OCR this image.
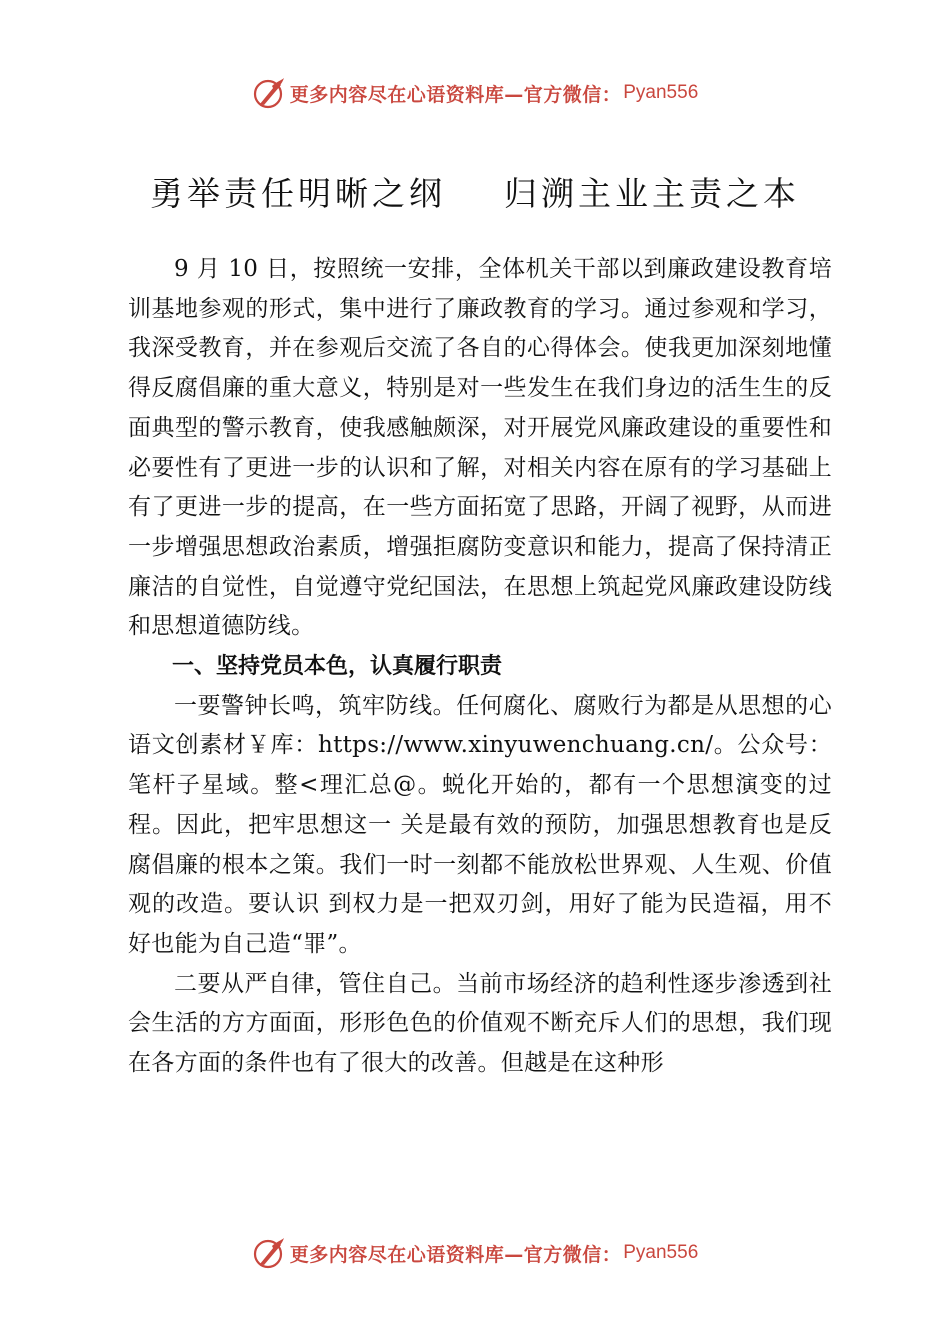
更多内容尽在心语资料库—官方微信： Pyan556
勇举责任明晰之纲    归溯主业主责之本

9 月 10 日，按照统一安排，全体机关干部以到廉政建设教育培训基地参观的形式，集中进行了廉政教育的学习。通过参观和学习，我深受教育，并在参观后交流了各自的心得体会。使我更加深刻地懂得反腐倡廉的重大意义，特别是对一些发生在我们身边的活生生的反面典型的警示教育，使我感触颇深，对开展党风廉政建设的重要性和必要性有了更进一步的认识和了解，对相关内容在原有的学习基础上有了更进一步的提高，在一些方面拓宽了思路，开阔了视野，从而进一步增强思想政治素质，增强拒腐防变意识和能力，提高了保持清正廉洁的自觉性，自觉遵守党纪国法，在思想上筑起党风廉政建设防线和思想道德防线。

一、坚持党员本色，认真履行职责

一要警钟长鸣，筑牢防线。任何腐化、腐败行为都是从思想的心语文创素材￥库：https://www.xinyuwenchuang.cn/。公众号：笔杆子星域。整<理汇总@。蜕化开始的，都有一个思想演变的过程。因此，把牢思想这一 关是最有效的预防，加强思想教育也是反腐倡廉的根本之策。我们一时一刻都不能放松世界观、人生观、价值观的改造。要认识 到权力是一把双刃剑，用好了能为民造福，用不好也能为自己造“罪”。

二要从严自律，管住自己。当前市场经济的趋利性逐步渗透到社会生活的方方面面，形形色色的价值观不断充斥人们的思想，我们现在各方面的条件也有了很大的改善。但越是在这种形

更多内容尽在心语资料库—官方微信： Pyan556
